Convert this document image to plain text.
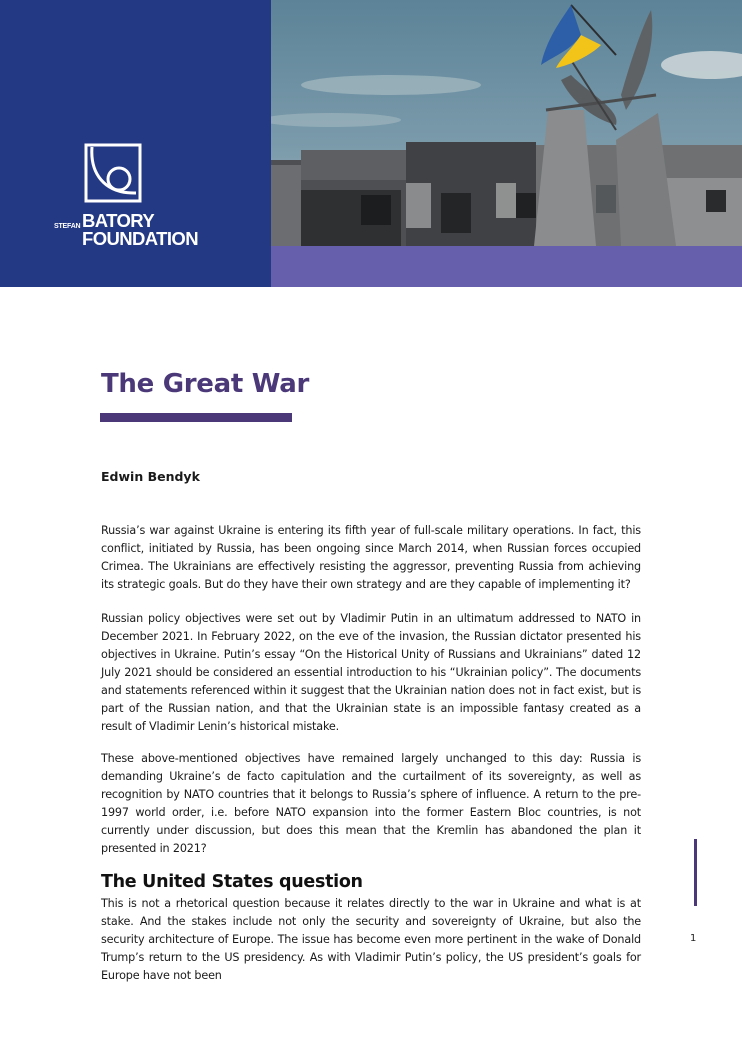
STEFAN BATORY
FOUNDATION
The Great War
Edwin Bendyk

Russia’s war against Ukraine is entering its fifth year of full-scale military operations. In fact, this conflict, initiated by Russia, has been ongoing since March 2014, when Russian forces occupied Crimea. The Ukrainians are effectively resisting the aggressor, preventing Russia from achieving its strategic goals. But do they have their own strategy and are they capable of implementing it?

Russian policy objectives were set out by Vladimir Putin in an ultimatum addressed to NATO in December 2021. In February 2022, on the eve of the invasion, the Russian dictator presented his objectives in Ukraine. Putin’s essay “On the Historical Unity of Russians and Ukrainians” dated 12 July 2021 should be considered an essential introduction to his “Ukrainian policy”. The documents and statements referenced within it suggest that the Ukrainian nation does not in fact exist, but is part of the Russian nation, and that the Ukrainian state is an impossible fantasy created as a result of Vladimir Lenin’s historical mistake.

These above-mentioned objectives have remained largely unchanged to this day: Russia is demanding Ukraine’s de facto capitulation and the curtailment of its sovereignty, as well as recognition by NATO countries that it belongs to Russia’s sphere of influence. A return to the pre-1997 world order, i.e. before NATO expansion into the former Eastern Bloc countries, is not currently under discussion, but does this mean that the Kremlin has abandoned the plan it presented in 2021?

The United States question

This is not a rhetorical question because it relates directly to the war in Ukraine and what is at stake. And the stakes include not only the security and sovereignty of Ukraine, but also the security architecture of Europe. The issue has become even more pertinent in the wake of Donald Trump’s return to the US presidency. As with Vladimir Putin’s policy, the US president’s goals for Europe have not been

1
